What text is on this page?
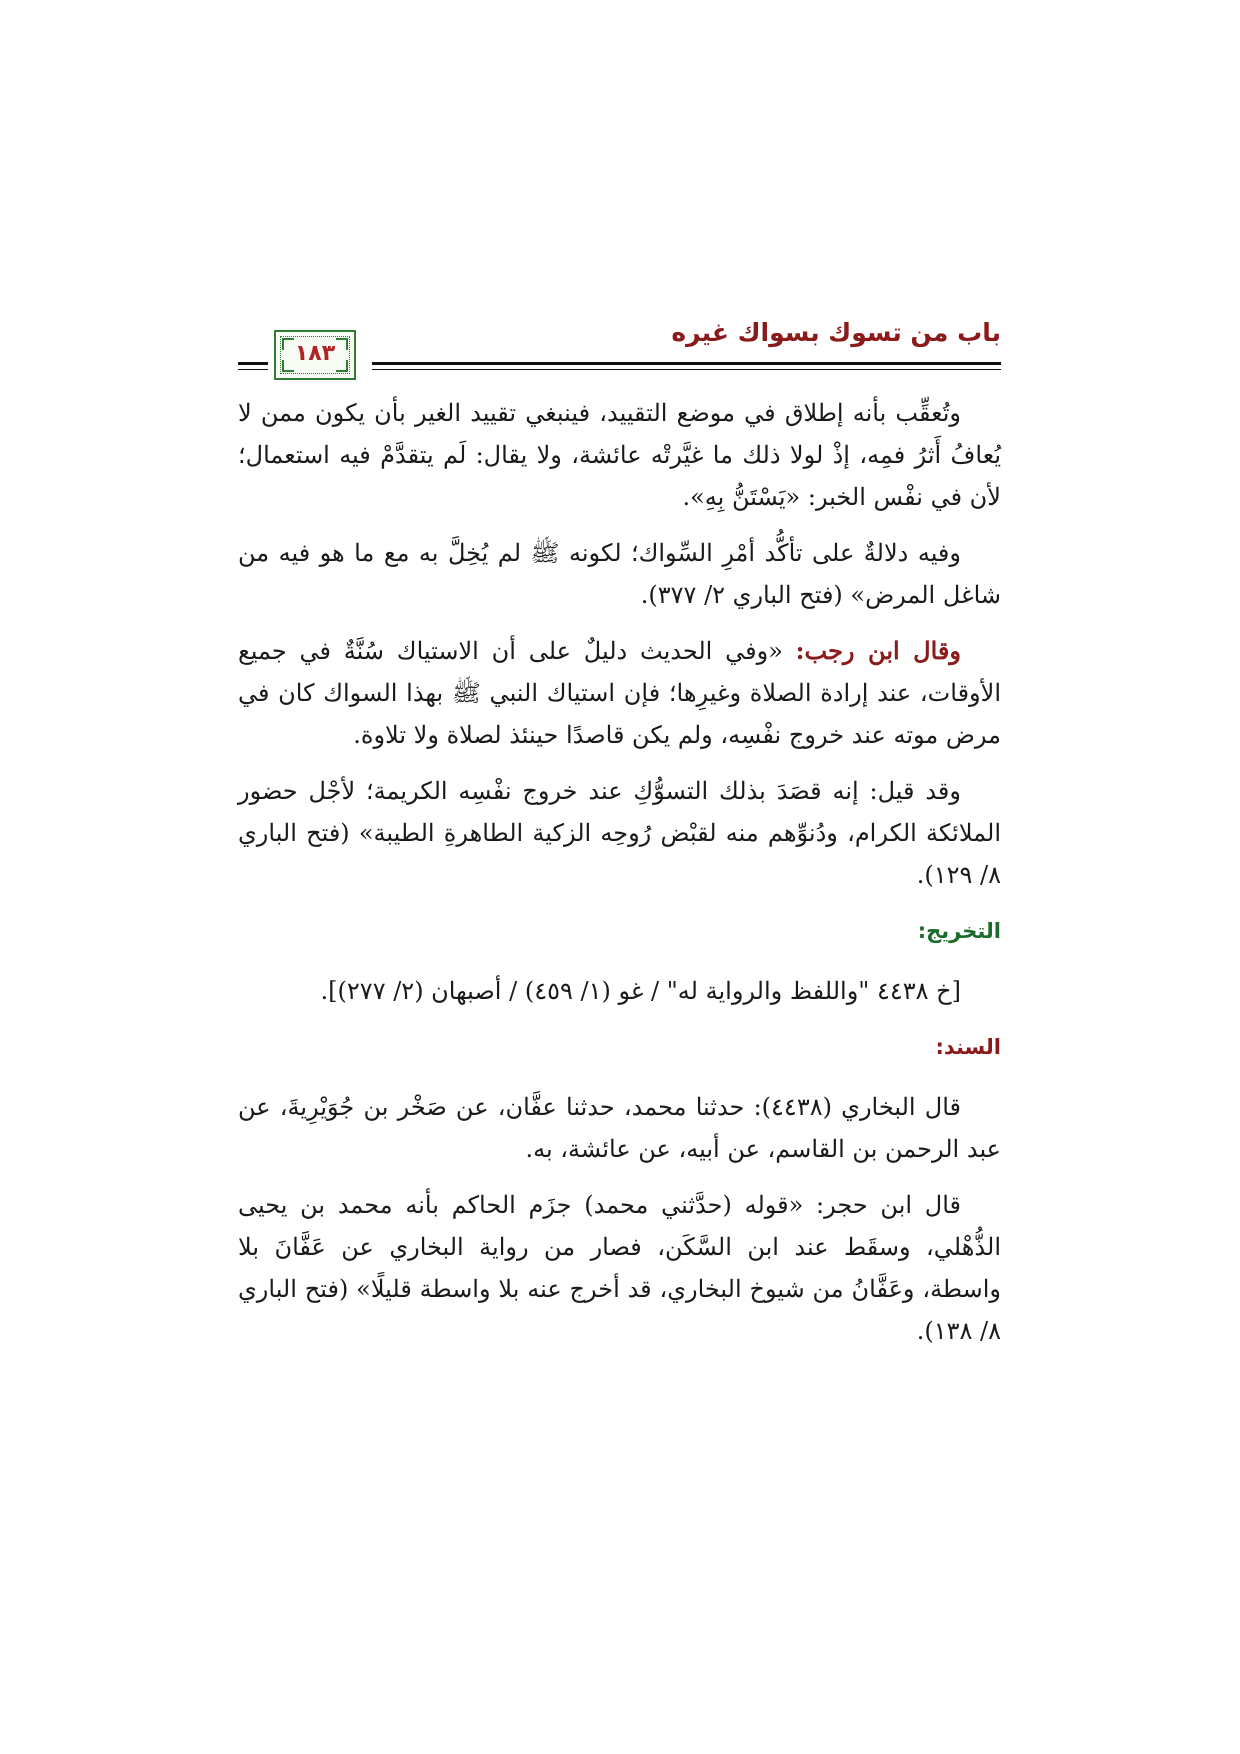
باب من تسوك بسواك غيره
١٨٣

وتُعقِّب بأنه إطلاق في موضع التقييد، فينبغي تقييد الغير بأن يكون ممن لا يُعافُ أَثرُ فمِه، إذْ لولا ذلك ما غيَّرتْه عائشة، ولا يقال: لَم يتقدَّمْ فيه استعمال؛ لأن في نفْس الخبر: «يَسْتَنُّ بِهِ».

وفيه دلالةٌ على تأكُّد أمْرِ السِّواك؛ لكونه ﷺ لم يُخِلَّ به مع ما هو فيه من شاغل المرض» (فتح الباري ٢/ ٣٧٧).

وقال ابن رجب: «وفي الحديث دليلٌ على أن الاستياك سُنَّةٌ في جميع الأوقات، عند إرادة الصلاة وغيرِها؛ فإن استياك النبي ﷺ بهذا السواك كان في مرض موته عند خروج نفْسِه، ولم يكن قاصدًا حينئذ لصلاة ولا تلاوة.

وقد قيل: إنه قصَدَ بذلك التسوُّكِ عند خروج نفْسِه الكريمة؛ لأجْل حضور الملائكة الكرام، ودُنوِّهم منه لقبْض رُوحِه الزكية الطاهرةِ الطيبة» (فتح الباري ٨/ ١٢٩).

التخريج:

[خ ٤٤٣٨ "واللفظ والرواية له" / غو (١/ ٤٥٩) / أصبهان (٢/ ٢٧٧)].

السند:

قال البخاري (٤٤٣٨): حدثنا محمد، حدثنا عفَّان، عن صَخْر بن جُوَيْرِيةَ، عن عبد الرحمن بن القاسم، عن أبيه، عن عائشة، به.

قال ابن حجر: «قوله (حدَّثني محمد) جزَم الحاكم بأنه محمد بن يحيى الذُّهْلي، وسقَط عند ابن السَّكَن، فصار من رواية البخاري عن عَفَّانَ بلا واسطة، وعَفَّانُ من شيوخ البخاري، قد أخرج عنه بلا واسطة قليلًا» (فتح الباري ٨/ ١٣٨).
